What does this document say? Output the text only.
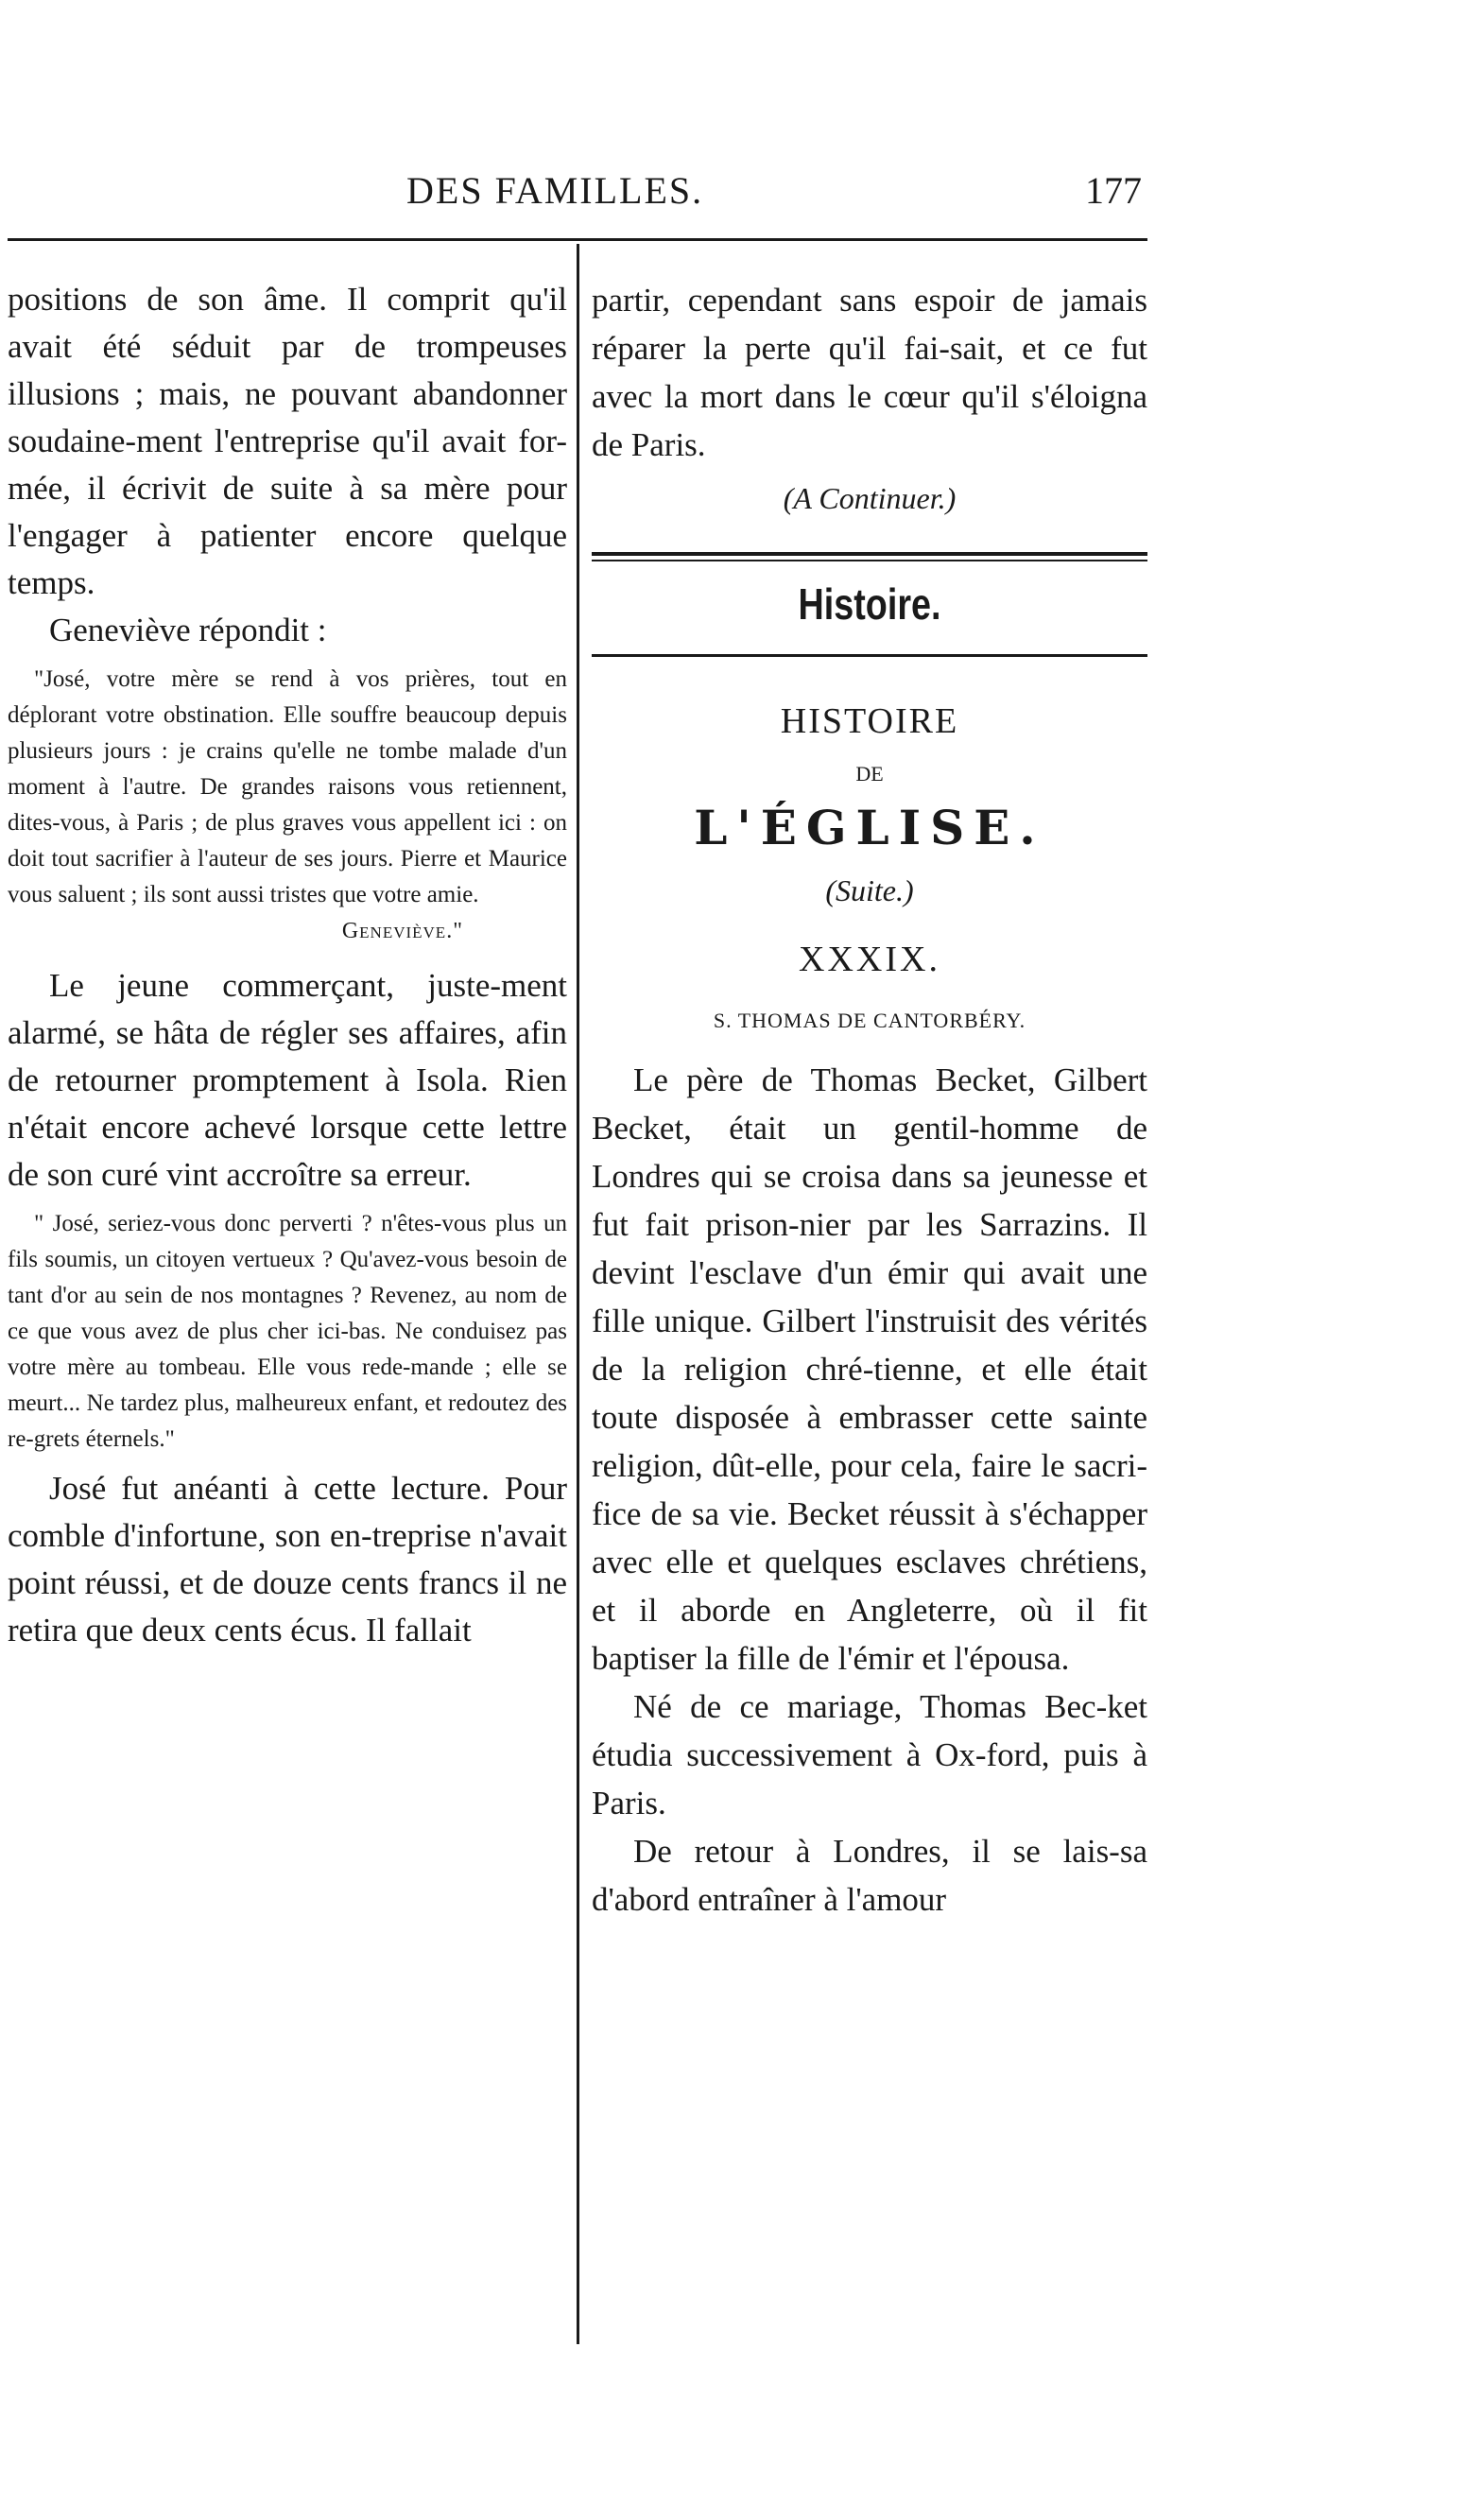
DES FAMILLES.	177

positions de son âme. Il comprit qu'il avait été séduit par de trompeuses illusions ; mais, ne pouvant abandonner soudaine-ment l'entreprise qu'il avait for- mée, il écrivit de suite à sa mère pour l'engager à patienter encore quelque temps.

Geneviève répondit :

"José, votre mère se rend à vos prières, tout en déplorant votre obstination. Elle souffre beaucoup depuis plusieurs jours : je crains qu'elle ne tombe malade d'un moment à l'autre. De grandes raisons vous retiennent, dites-vous, à Paris ; de plus graves vous appellent ici : on doit tout sacrifier à l'auteur de ses jours. Pierre et Maurice vous saluent ; ils sont aussi tristes que votre amie.

Geneviève."

Le jeune commerçant, juste-ment alarmé, se hâta de régler ses affaires, afin de retourner promptement à Isola. Rien n'était encore achevé lorsque cette lettre de son curé vint accroître sa erreur.

" José, seriez-vous donc perverti ? n'êtes-vous plus un fils soumis, un citoyen vertueux ? Qu'avez-vous besoin de tant d'or au sein de nos montagnes ? Revenez, au nom de ce que vous avez de plus cher ici-bas. Ne conduisez pas votre mère au tombeau. Elle vous rede-mande ; elle se meurt... Ne tardez plus, malheureux enfant, et redoutez des re-grets éternels."

José fut anéanti à cette lecture. Pour comble d'infortune, son en-treprise n'avait point réussi, et de douze cents francs il ne retira que deux cents écus. Il fallait

partir, cependant sans espoir de jamais réparer la perte qu'il fai-sait, et ce fut avec la mort dans le cœur qu'il s'éloigna de Paris.

(A Continuer.)

Histoire.

HISTOIRE

DE

L'ÉGLISE.

(Suite.)

XXXIX.

S. THOMAS DE CANTORBÉRY.

Le père de Thomas Becket, Gilbert Becket, était un gentil-homme de Londres qui se croisa dans sa jeunesse et fut fait prison-nier par les Sarrazins. Il devint l'esclave d'un émir qui avait une fille unique. Gilbert l'instruisit des vérités de la religion chré-tienne, et elle était toute disposée à embrasser cette sainte religion, dût-elle, pour cela, faire le sacri-fice de sa vie. Becket réussit à s'échapper avec elle et quelques esclaves chrétiens, et il aborde en Angleterre, où il fit baptiser la fille de l'émir et l'épousa.

Né de ce mariage, Thomas Bec-ket étudia successivement à Ox-ford, puis à Paris.

De retour à Londres, il se lais-sa d'abord entraîner à l'amour
